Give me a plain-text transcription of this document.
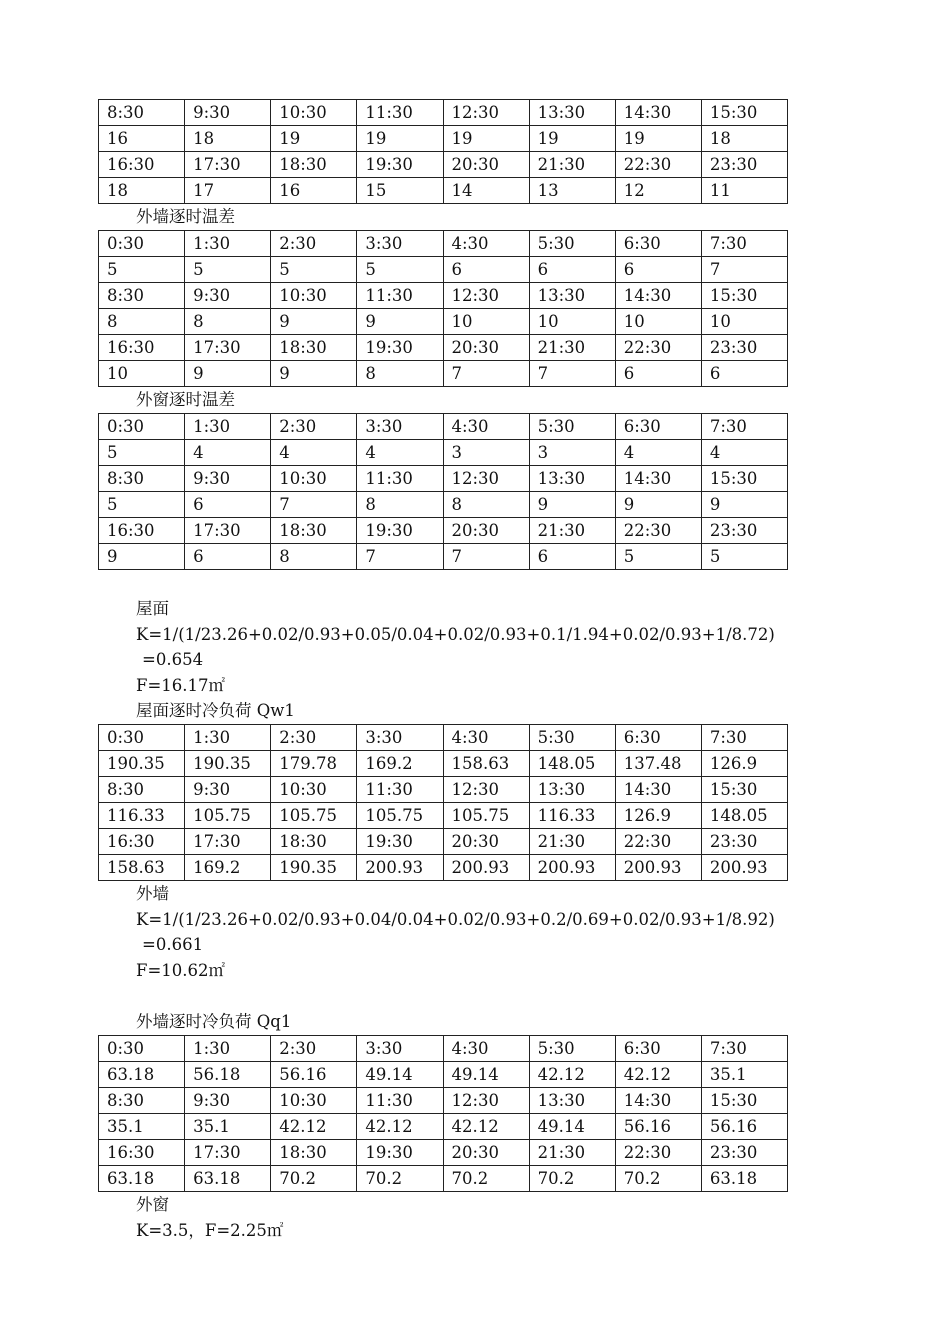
8:30	9:30	10:30	11:30	12:30	13:30	14:30	15:30
16	18	19	19	19	19	19	18
16:30	17:30	18:30	19:30	20:30	21:30	22:30	23:30
18	17	16	15	14	13	12	11
外墙逐时温差
0:30	1:30	2:30	3:30	4:30	5:30	6:30	7:30
5	5	5	5	6	6	6	7
8:30	9:30	10:30	11:30	12:30	13:30	14:30	15:30
8	8	9	9	10	10	10	10
16:30	17:30	18:30	19:30	20:30	21:30	22:30	23:30
10	9	9	8	7	7	6	6
外窗逐时温差
0:30	1:30	2:30	3:30	4:30	5:30	6:30	7:30
5	4	4	4	3	3	4	4
8:30	9:30	10:30	11:30	12:30	13:30	14:30	15:30
5	6	7	8	8	9	9	9
16:30	17:30	18:30	19:30	20:30	21:30	22:30	23:30
9	6	8	7	7	6	5	5
屋面
K=1/(1/23.26+0.02/0.93+0.05/0.04+0.02/0.93+0.1/1.94+0.02/0.93+1/8.72)
=0.654
F=16.17㎡
屋面逐时冷负荷 Qw1
0:30	1:30	2:30	3:30	4:30	5:30	6:30	7:30
190.35	190.35	179.78	169.2	158.63	148.05	137.48	126.9
8:30	9:30	10:30	11:30	12:30	13:30	14:30	15:30
116.33	105.75	105.75	105.75	105.75	116.33	126.9	148.05
16:30	17:30	18:30	19:30	20:30	21:30	22:30	23:30
158.63	169.2	190.35	200.93	200.93	200.93	200.93	200.93
外墙
K=1/(1/23.26+0.02/0.93+0.04/0.04+0.02/0.93+0.2/0.69+0.02/0.93+1/8.92)
=0.661
F=10.62㎡
外墙逐时冷负荷 Qq1
0:30	1:30	2:30	3:30	4:30	5:30	6:30	7:30
63.18	56.18	56.16	49.14	49.14	42.12	42.12	35.1
8:30	9:30	10:30	11:30	12:30	13:30	14:30	15:30
35.1	35.1	42.12	42.12	42.12	49.14	56.16	56.16
16:30	17:30	18:30	19:30	20:30	21:30	22:30	23:30
63.18	63.18	70.2	70.2	70.2	70.2	70.2	63.18
外窗
K=3.5，F=2.25㎡
